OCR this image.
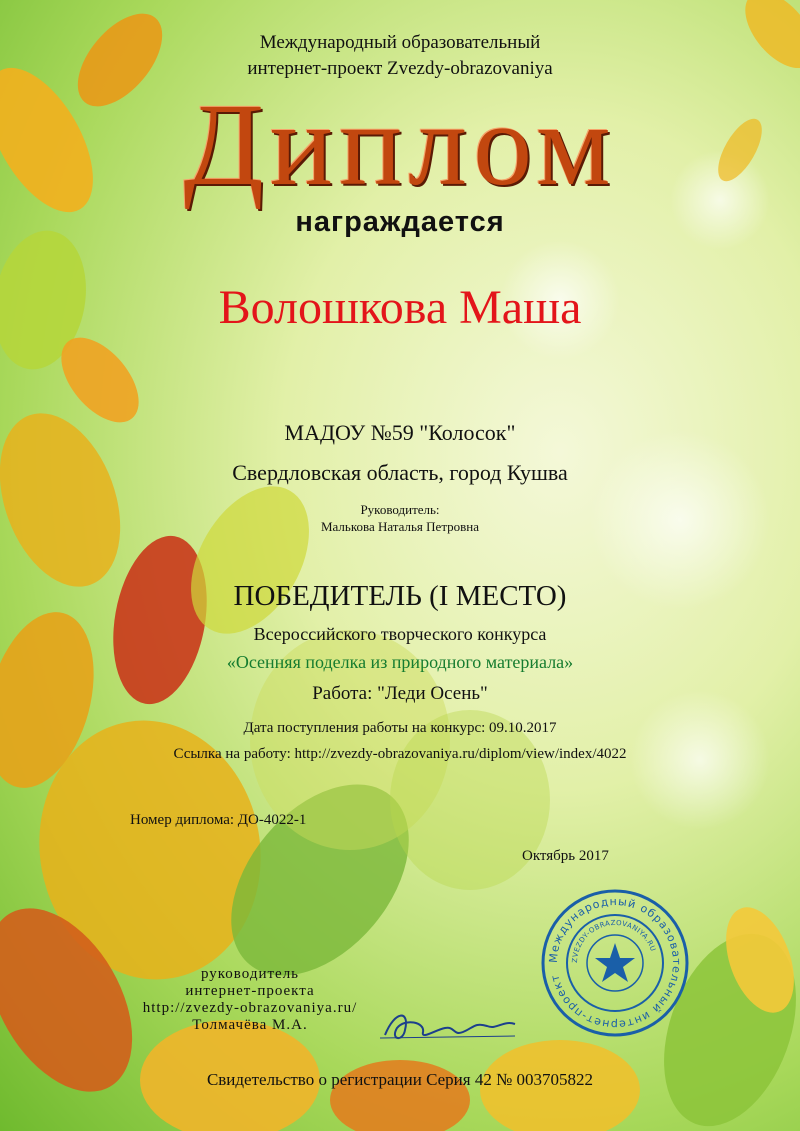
Международный образовательный
интернет-проект Zvezdy-obrazovaniya
Диплом
награждается
Волошкова Маша
МАДОУ №59 "Колосок"
Свердловская область, город Кушва
Руководитель:
Малькова Наталья Петровна
ПОБЕДИТЕЛЬ (I МЕСТО)
Всероссийского творческого конкурса
«Осенняя поделка из природного материала»
Работа: "Леди Осень"
Дата поступления работы на конкурс: 09.10.2017
Ссылка на работу: http://zvezdy-obrazovaniya.ru/diplom/view/index/4022
Номер диплома: ДО-4022-1
Октябрь 2017
руководитель
интернет-проекта
http://zvezdy-obrazovaniya.ru/
Толмачёва М.А.
Международный образовательный интернет-проект
ZVEZDY-OBRAZOVANIYA.RU
Свидетельство о регистрации Серия 42 № 003705822
